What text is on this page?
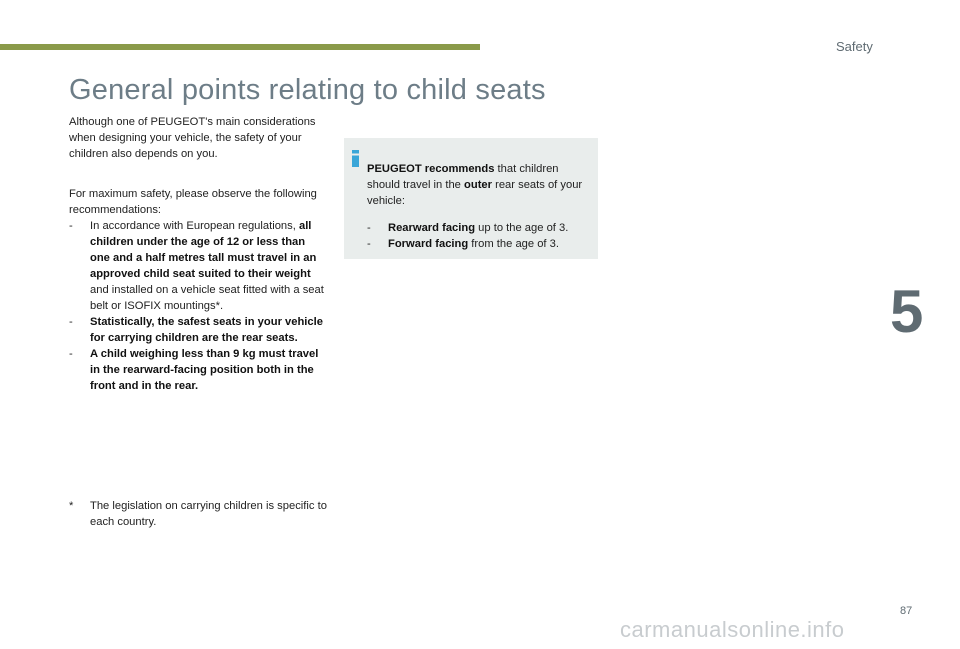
Safety
General points relating to child seats

Although one of PEUGEOT's main considerations when designing your vehicle, the safety of your children also depends on you.

For maximum safety, please observe the following recommendations:

- In accordance with European regulations, all children under the age of 12 or less than one and a half metres tall must travel in an approved child seat suited to their weight and installed on a vehicle seat fitted with a seat belt or ISOFIX mountings*.
- Statistically, the safest seats in your vehicle for carrying children are the rear seats.
- A child weighing less than 9 kg must travel in the rearward-facing position both in the front and in the rear.
* The legislation on carrying children is specific to each country.

PEUGEOT recommends that children should travel in the outer rear seats of your vehicle:

- Rearward facing up to the age of 3.
- Forward facing from the age of 3.
5
87
carmanualsonline.info
